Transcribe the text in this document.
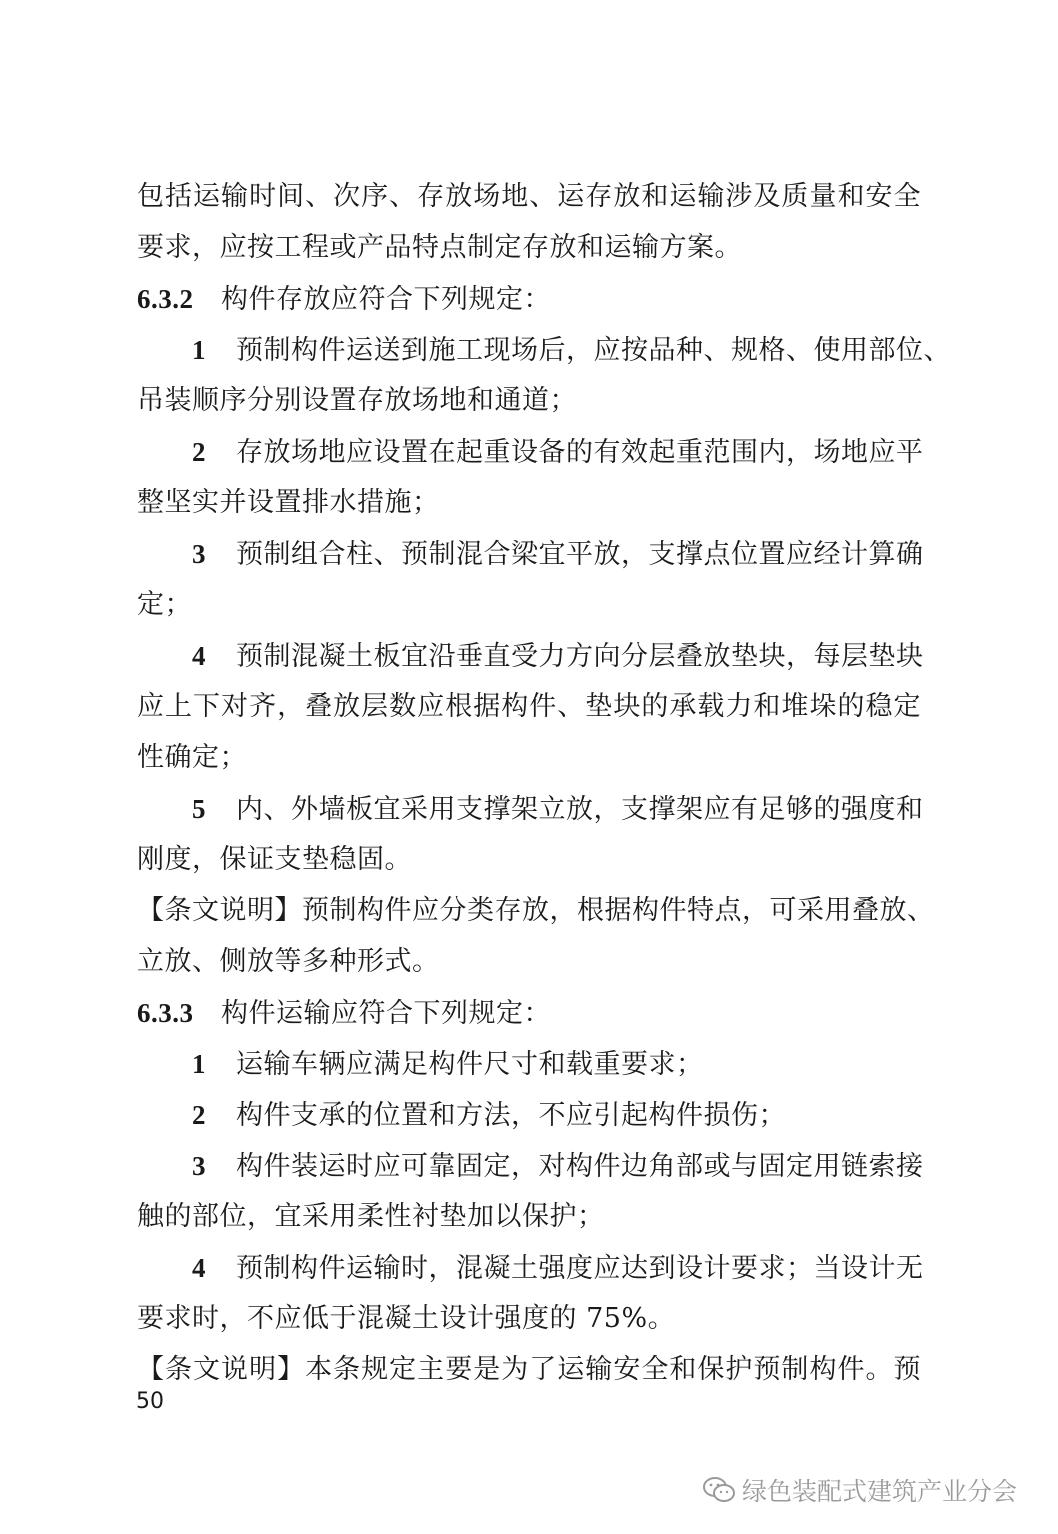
包括运输时间、次序、存放场地、运存放和运输涉及质量和安全
要求，应按工程或产品特点制定存放和运输方案。
6.3.2 构件存放应符合下列规定：
1 预制构件运送到施工现场后，应按品种、规格、使用部位、
吊装顺序分别设置存放场地和通道；
2 存放场地应设置在起重设备的有效起重范围内，场地应平
整坚实并设置排水措施；
3 预制组合柱、预制混合梁宜平放，支撑点位置应经计算确
定；
4 预制混凝土板宜沿垂直受力方向分层叠放垫块，每层垫块
应上下对齐，叠放层数应根据构件、垫块的承载力和堆垛的稳定
性确定；
5 内、外墙板宜采用支撑架立放，支撑架应有足够的强度和
刚度，保证支垫稳固。
【条文说明】预制构件应分类存放，根据构件特点，可采用叠放、
立放、侧放等多种形式。
6.3.3 构件运输应符合下列规定：
1 运输车辆应满足构件尺寸和载重要求；
2 构件支承的位置和方法，不应引起构件损伤；
3 构件装运时应可靠固定，对构件边角部或与固定用链索接
触的部位，宜采用柔性衬垫加以保护；
4 预制构件运输时，混凝土强度应达到设计要求；当设计无
要求时，不应低于混凝土设计强度的 75%。
【条文说明】本条规定主要是为了运输安全和保护预制构件。预
50
绿色装配式建筑产业分会
